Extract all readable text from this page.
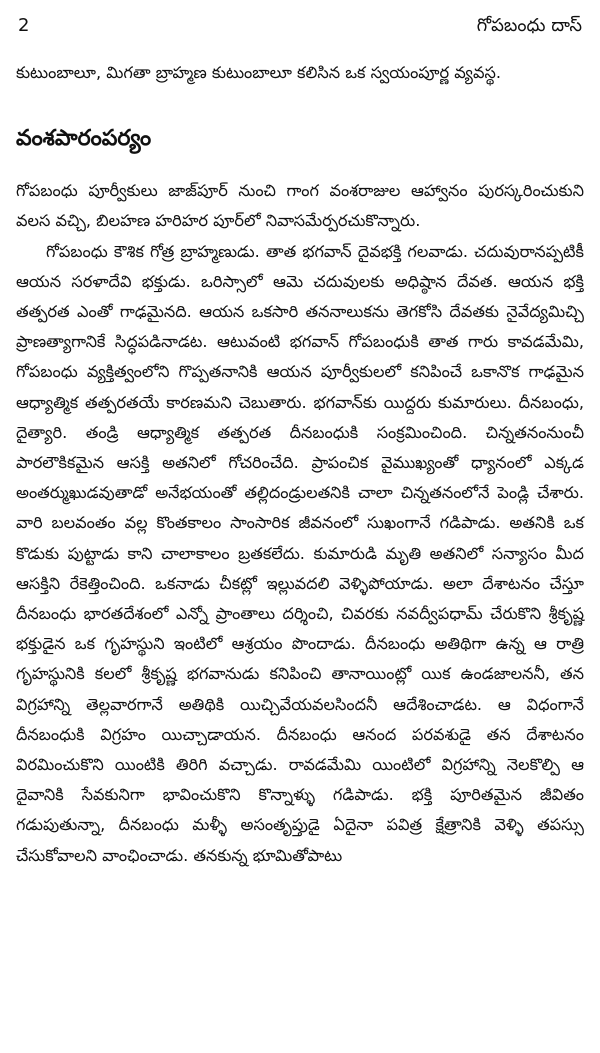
2	గోపబంధు దాస్

కుటుంబాలూ, మిగతా బ్రాహ్మణ కుటుంబాలూ కలిసిన ఒక స్వయంపూర్ణ వ్యవస్థ.

వంశపారంపర్యం

గోపబంధు పూర్వీకులు జాజ్‌పూర్ నుంచి గాంగ వంశరాజుల ఆహ్వానం పురస్కరించుకుని వలస వచ్చి, బిలహణ హరిహర పూర్‌లో నివాసమేర్పరచుకొన్నారు.

గోపబంధు కౌశిక గోత్ర బ్రాహ్మణుడు. తాత భగవాన్ దైవభక్తి గలవాడు. చదువురానప్పటికీ ఆయన సరళాదేవి భక్తుడు. ఒరిస్సాలో ఆమె చదువులకు అధిష్ఠాన దేవత. ఆయన భక్తి తత్పరత ఎంతో గాఢమైనది. ఆయన ఒకసారి తననాలుకను తెగకోసి దేవతకు నైవేద్యమిచ్చి ప్రాణత్యాగానికే సిద్ధపడినాడట. ఆటువంటి భగవాన్ గోపబంధుకి తాత గారు కావడమేమి, గోపబంధు వ్యక్తిత్వంలోని గొప్పతనానికి ఆయన పూర్వీకులలో కనిపించే ఒకానొక గాఢమైన ఆధ్యాత్మిక తత్పరతయే కారణమని చెబుతారు. భగవాన్‌కు యిద్దరు కుమారులు. దీనబంధు, దైత్యారి. తండ్రి ఆధ్యాత్మిక తత్పరత దీనబంధుకి సంక్రమించింది. చిన్నతనంనుంచీ పారలౌకికమైన ఆసక్తి అతనిలో గోచరించేది. ప్రాపంచిక వైముఖ్యంతో ధ్యానంలో ఎక్కడ అంతర్ముఖుడవుతాడో అనేభయంతో తల్లిదండ్రులతనికి చాలా చిన్నతనంలోనే పెండ్లి చేశారు. వారి బలవంతం వల్ల కొంతకాలం సాంసారిక జీవనంలో సుఖంగానే గడిపాడు. అతనికి ఒక కొడుకు పుట్టాడు కాని చాలాకాలం బ్రతకలేదు. కుమారుడి మృతి అతనిలో సన్యాసం మీద ఆసక్తిని రేకెత్తించింది. ఒకనాడు చీకట్లో ఇల్లువదలి వెళ్ళిపోయాడు. అలా దేశాటనం చేస్తూ దీనబంధు భారతదేశంలో ఎన్నో ప్రాంతాలు దర్శించి, చివరకు నవద్వీపధామ్ చేరుకొని శ్రీకృష్ణ భక్తుడైన ఒక గృహస్థుని ఇంటిలో ఆశ్రయం పొందాడు. దీనబంధు అతిథిగా ఉన్న ఆ రాత్రి గృహస్థునికి కలలో శ్రీకృష్ణ భగవానుడు కనిపించి తానాయింట్లో యిక ఉండజాలననీ, తన విగ్రహాన్ని తెల్లవారగానే అతిథికి యిచ్చివేయవలసిందనీ ఆదేశించాడట. ఆ విధంగానే దీనబంధుకి విగ్రహం యిచ్చాడాయన. దీనబంధు ఆనంద పరవశుడై తన దేశాటనం విరమించుకొని యింటికి తిరిగి వచ్చాడు. రావడమేమి యింటిలో విగ్రహాన్ని నెలకొల్పి ఆ దైవానికి సేవకునిగా భావించుకొని కొన్నాళ్ళు గడిపాడు. భక్తి పూరితమైన జీవితం గడుపుతున్నా, దీనబంధు మళ్ళీ అసంతృప్తుడై ఏదైనా పవిత్ర క్షేత్రానికి వెళ్ళి తపస్సు చేసుకోవాలని వాంఛించాడు. తనకున్న భూమితోపాటు
